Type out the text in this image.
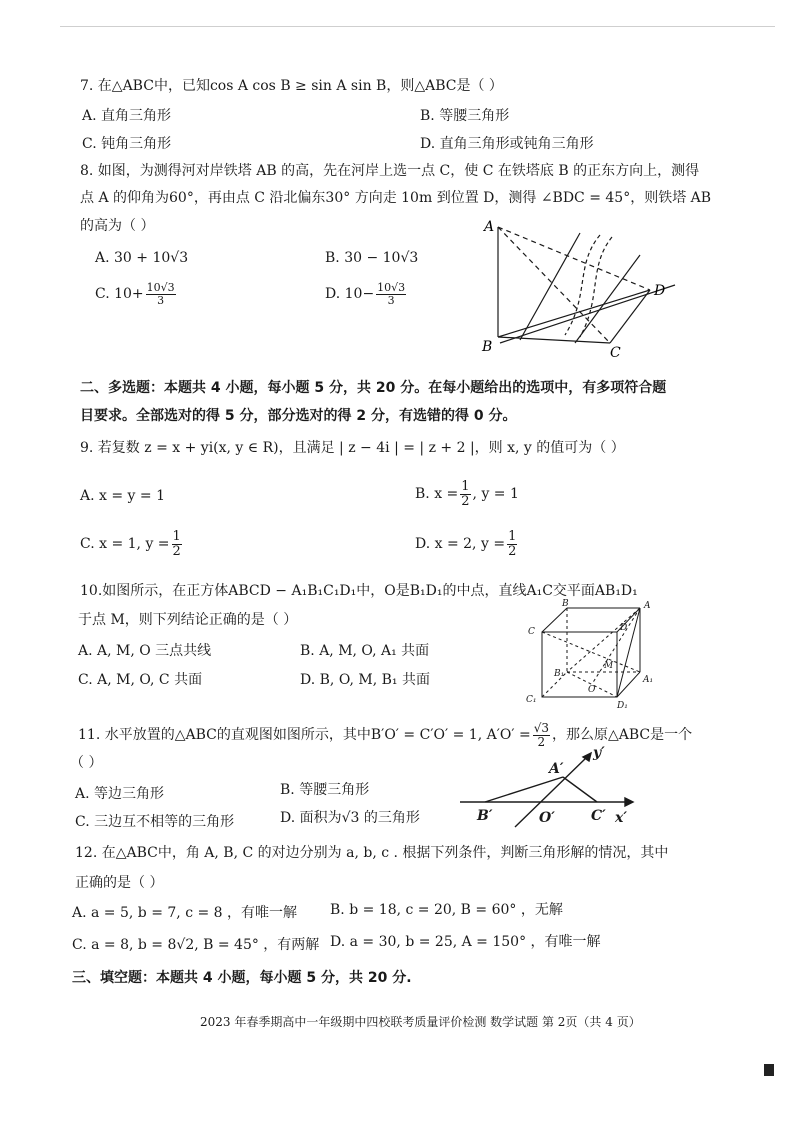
7. 在△ABC中，已知cos A cos B ≥ sin A sin B，则△ABC是（ ）
A. 直角三角形	B. 等腰三角形
C. 钝角三角形	D. 直角三角形或钝角三角形
8. 如图，为测得河对岸铁塔 AB 的高，先在河岸上选一点 C，使 C 在铁塔底 B 的正东方向上，测得
点 A 的仰角为60°，再由点 C 沿北偏东30° 方向走 10m 到位置 D，测得 ∠BDC = 45°，则铁塔 AB
的高为（ ）
A. 30 + 10√3	B. 30 − 10√3
C. $10+ \frac{10√3}{3}$	D. $10- \frac{10√3}{3}$
A
B	C
D
二、多选题：本题共 4 小题，每小题 5 分，共 20 分。在每小题给出的选项中，有多项符合题
目要求。全部选对的得 5 分，部分选对的得 2 分，有选错的得 0 分。
9. 若复数 z = x + yi(x, y ∈ R)，且满足 | z − 4i | = | z + 2 |，则 x, y 的值可为（ ）
A. x = y = 1	B. $x = \frac{1}{2}$ , y = 1
C. x = 1, $y = \frac{1}{2}$	D. x = 2, $y = \frac{1}{2}$
10.如图所示，在正方体ABCD − A₁B₁C₁D₁中，O是B₁D₁的中点，直线A₁C交平面AB₁D₁
于点 M，则下列结论正确的是（ ）
A. A, M, O 三点共线	B. A, M, O, A₁ 共面
C. A, M, O, C 共面	D. B, O, M, B₁ 共面
B	A
C	D
B₁
M
O
A₁
C₁
D₁
11. 水平放置的△ABC的直观图如图所示，其中B′O′ = C′O′ = 1, $A'O' = \frac{√3}{2}$ ，那么原△ABC是一个
（ ）
A. 等边三角形	B. 等腰三角形
C. 三边互不相等的三角形	D. 面积为√3 的三角形
A′
y′
B′	O′	C′ x′
12. 在△ABC中，角 A, B, C 的对边分别为 a, b, c . 根据下列条件，判断三角形解的情况，其中
正确的是（ ）
A. a = 5, b = 7, c = 8 ，有唯一解 B. b = 18, c = 20, B = 60° ，无解
C. a = 8, b = 8√2, B = 45° ，有两解 D. a = 30, b = 25, A = 150° ，有唯一解
三、填空题：本题共 4 小题，每小题 5 分，共 20 分.
2023 年春季期高中一年级期中四校联考质量评价检测 数学试题 第 2页（共 4 页）
